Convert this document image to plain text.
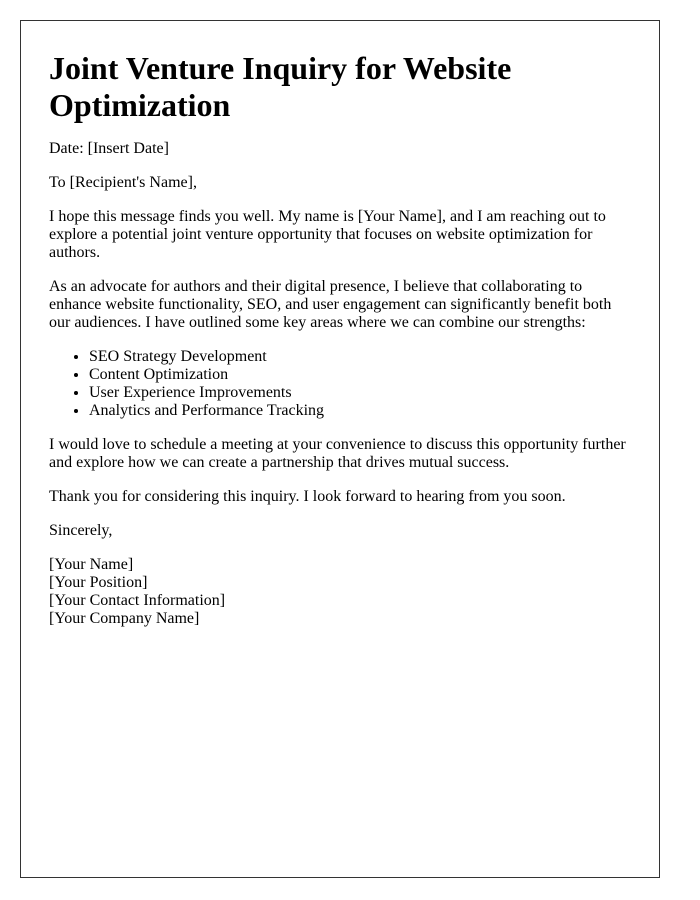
Joint Venture Inquiry for Website Optimization

Date: [Insert Date]

To [Recipient's Name],

I hope this message finds you well. My name is [Your Name], and I am reaching out to explore a potential joint venture opportunity that focuses on website optimization for authors.

As an advocate for authors and their digital presence, I believe that collaborating to enhance website functionality, SEO, and user engagement can significantly benefit both our audiences. I have outlined some key areas where we can combine our strengths:

• SEO Strategy Development
• Content Optimization
• User Experience Improvements
• Analytics and Performance Tracking

I would love to schedule a meeting at your convenience to discuss this opportunity further and explore how we can create a partnership that drives mutual success.

Thank you for considering this inquiry. I look forward to hearing from you soon.

Sincerely,

[Your Name]
[Your Position]
[Your Contact Information]
[Your Company Name]
